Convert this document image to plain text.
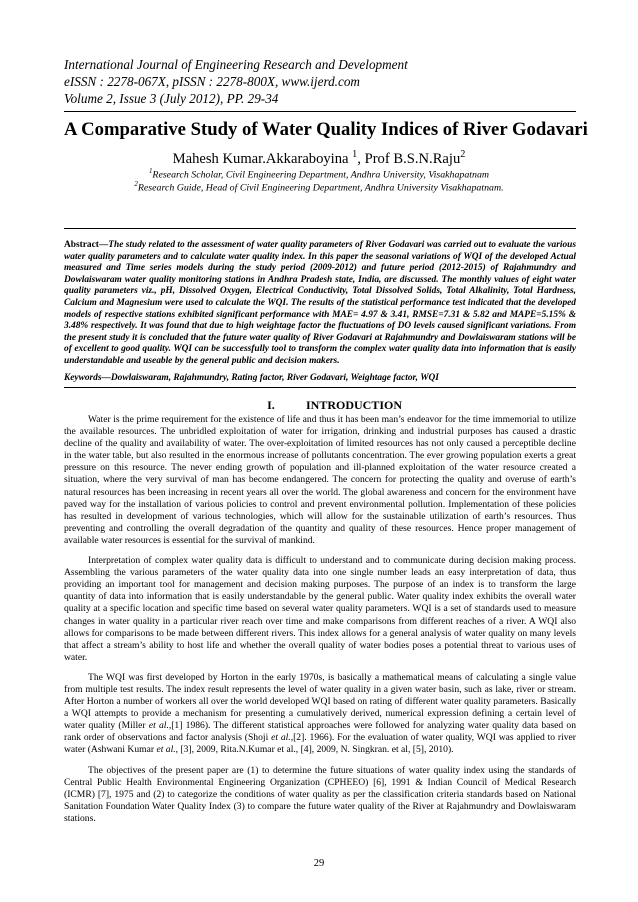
International Journal of Engineering Research and Development
eISSN : 2278-067X, pISSN : 2278-800X, www.ijerd.com
Volume 2, Issue 3 (July 2012), PP. 29-34
A Comparative Study of Water Quality Indices of River Godavari
Mahesh Kumar.Akkaraboyina $^1$, Prof B.S.N.Raju$^2$
$^1$Research Scholar, Civil Engineering Department, Andhra University, Visakhapatnam
$^2$Research Guide, Head of Civil Engineering Department, Andhra University Visakhapatnam.
Abstract—The study related to the assessment of water quality parameters of River Godavari was carried out to evaluate the various water quality parameters and to calculate water quality index. In this paper the seasonal variations of WQI of the developed Actual measured and Time series models during the study period (2009-2012) and future period (2012-2015) of Rajahmundry and Dowlaiswaram water quality monitoring stations in Andhra Pradesh state, India, are discussed. The monthly values of eight water quality parameters viz., pH, Dissolved Oxygen, Electrical Conductivity, Total Dissolved Solids, Total Alkalinity, Total Hardness, Calcium and Magnesium were used to calculate the WQI. The results of the statistical performance test indicated that the developed models of respective stations exhibited significant performance with MAE= 4.97 & 3.41, RMSE=7.31 & 5.82 and MAPE=5.15% & 3.48% respectively. It was found that due to high weightage factor the fluctuations of DO levels caused significant variations. From the present study it is concluded that the future water quality of River Godavari at Rajahmundry and Dowlaiswaram stations will be of excellent to good quality. WQI can be successfully tool to transform the complex water quality data into information that is easily understandable and useable by the general public and decision makers.
Keywords—Dowlaiswaram, Rajahmundry, Rating factor, River Godavari, Weightage factor, WQI
I.	INTRODUCTION

Water is the prime requirement for the existence of life and thus it has been man’s endeavor for the time immemorial to utilize the available resources. The unbridled exploitation of water for irrigation, drinking and industrial purposes has caused a drastic decline of the quality and availability of water. The over-exploitation of limited resources has not only caused a perceptible decline in the water table, but also resulted in the enormous increase of pollutants concentration. The ever growing population exerts a great pressure on this resource. The never ending growth of population and ill-planned exploitation of the water resource created a situation, where the very survival of man has become endangered. The concern for protecting the quality and overuse of earth’s natural resources has been increasing in recent years all over the world. The global awareness and concern for the environment have paved way for the installation of various policies to control and prevent environmental pollution. Implementation of these policies has resulted in development of various technologies, which will allow for the sustainable utilization of earth’s resources. Thus preventing and controlling the overall degradation of the quantity and quality of these resources. Hence proper management of available water resources is essential for the survival of mankind.

Interpretation of complex water quality data is difficult to understand and to communicate during decision making process. Assembling the various parameters of the water quality data into one single number leads an easy interpretation of data, thus providing an important tool for management and decision making purposes. The purpose of an index is to transform the large quantity of data into information that is easily understandable by the general public. Water quality index exhibits the overall water quality at a specific location and specific time based on several water quality parameters. WQI is a set of standards used to measure changes in water quality in a particular river reach over time and make comparisons from different reaches of a river. A WQI also allows for comparisons to be made between different rivers. This index allows for a general analysis of water quality on many levels that affect a stream’s ability to host life and whether the overall quality of water bodies poses a potential threat to various uses of water.

The WQI was first developed by Horton in the early 1970s, is basically a mathematical means of calculating a single value from multiple test results. The index result represents the level of water quality in a given water basin, such as lake, river or stream. After Horton a number of workers all over the world developed WQI based on rating of different water quality parameters. Basically a WQI attempts to provide a mechanism for presenting a cumulatively derived, numerical expression defining a certain level of water quality (Miller et al.,[1] 1986). The different statistical approaches were followed for analyzing water quality data based on rank order of observations and factor analysis (Shoji et al.,[2]. 1966). For the evaluation of water quality, WQI was applied to river water (Ashwani Kumar et al., [3], 2009, Rita.N.Kumar et al., [4], 2009, N. Singkran. et al, [5], 2010).

The objectives of the present paper are (1) to determine the future situations of water quality index using the standards of Central Public Health Environmental Engineering Organization (CPHEEO) [6], 1991 & Indian Council of Medical Research (ICMR) [7], 1975 and (2) to categorize the conditions of water quality as per the classification criteria standards based on National Sanitation Foundation Water Quality Index (3) to compare the future water quality of the River at Rajahmundry and Dowlaiswaram stations.

29
